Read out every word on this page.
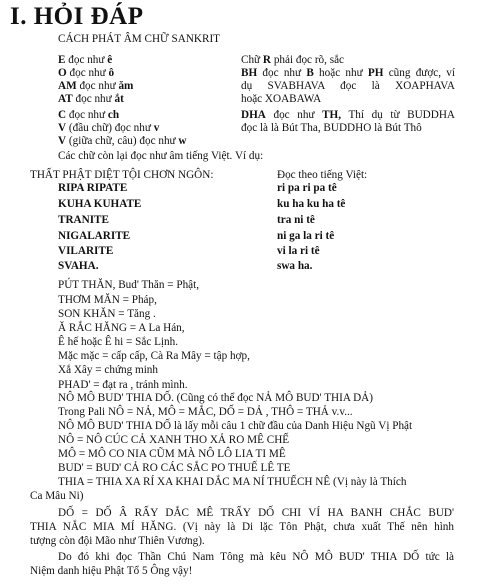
I. HỎI ĐÁP
CÁCH PHÁT ÂM CHỮ SANKRIT
E đọc như ê
O đọc như ô
AM đọc như ăm
AT đọc như ắt
C đọc như ch
V (đầu chữ) đọc như v
V (giữa chữ, câu) đọc như w
Chữ R phải đọc rõ, sắc
BH đọc như B hoặc như PH cũng được, ví
dụ SVABHAVA đọc là XOAPHAVA
hoặc XOABAWA
DHA đọc như TH, Thí dụ từ BUDDHA
đọc là là Bút Tha, BUDDHO là Bút Thô
Các chữ còn lại đọc như âm tiếng Việt. Ví dụ:
THẤT PHẬT DIỆT TỘI CHƠN NGÔN:	Đọc theo tiếng Việt:
RIPA RIPATE	ri pa ri pa tê
KUHA KUHATE	ku ha ku ha tê
TRANITE	tra ni tê
NIGALARITE	ni ga la ri tê
VILARITE	vi la ri tê
SVAHA.	swa ha.
PÚT THĂN, Bud' Thăn = Phật,
THƠM MĂN = Pháp,
SON KHĂN = Tăng .
Ă RẮC HĂNG = A La Hán,
Ê hế hoặc Ê hi = Sắc Lịnh.
Mặc mặc = cấp cấp, Cà Ra Mây = tập hợp,
Xắ Xây = chứng minh
PHAD' = đạt ra , tránh mình.
NÔ MÔ BUD' THIA DỐ. (Cũng có thể đọc NẢ MÔ BUD' THIA DẢ)
Trong Pali NÔ = NẢ, MÔ = MẮC, DỐ = DẢ , THÔ = THẢ v.v...
NÔ MÔ BUD' THIA DỐ là lấy mỗi câu 1 chữ đầu của Danh Hiệu Ngũ Vị Phật
NÔ = NÔ CÚC CẢ XANH THO XẢ RO MÊ CHẾ
MÔ = MÔ CO NIA CŨM MÀ NÔ LÔ LIA TI MÊ
BUD' = BUD' CẢ RO CÁC SẮC PO THUẾ LÊ TE
THIA = THIA XA RÍ XA KHAI DẮC MA NÍ THUẾCH NÊ (Vị này là Thích
Ca Mâu Ni)
DỐ = DỐ Â RẤY DẮC MÊ TRẤY DỐ CHI VÍ HA BANH CHẮC BUD'
THIA NẮC MIA MÍ HĂNG. (Vị này là Di lặc Tôn Phật, chưa xuất Thế nên hình
tượng còn đội Mão như Thiên Vương).
Do đó khi đọc Thần Chú Nam Tông mà kêu NÔ MÔ BUD' THIA DỐ tức là
Niệm danh hiệu Phật Tổ 5 Ông vậy!
